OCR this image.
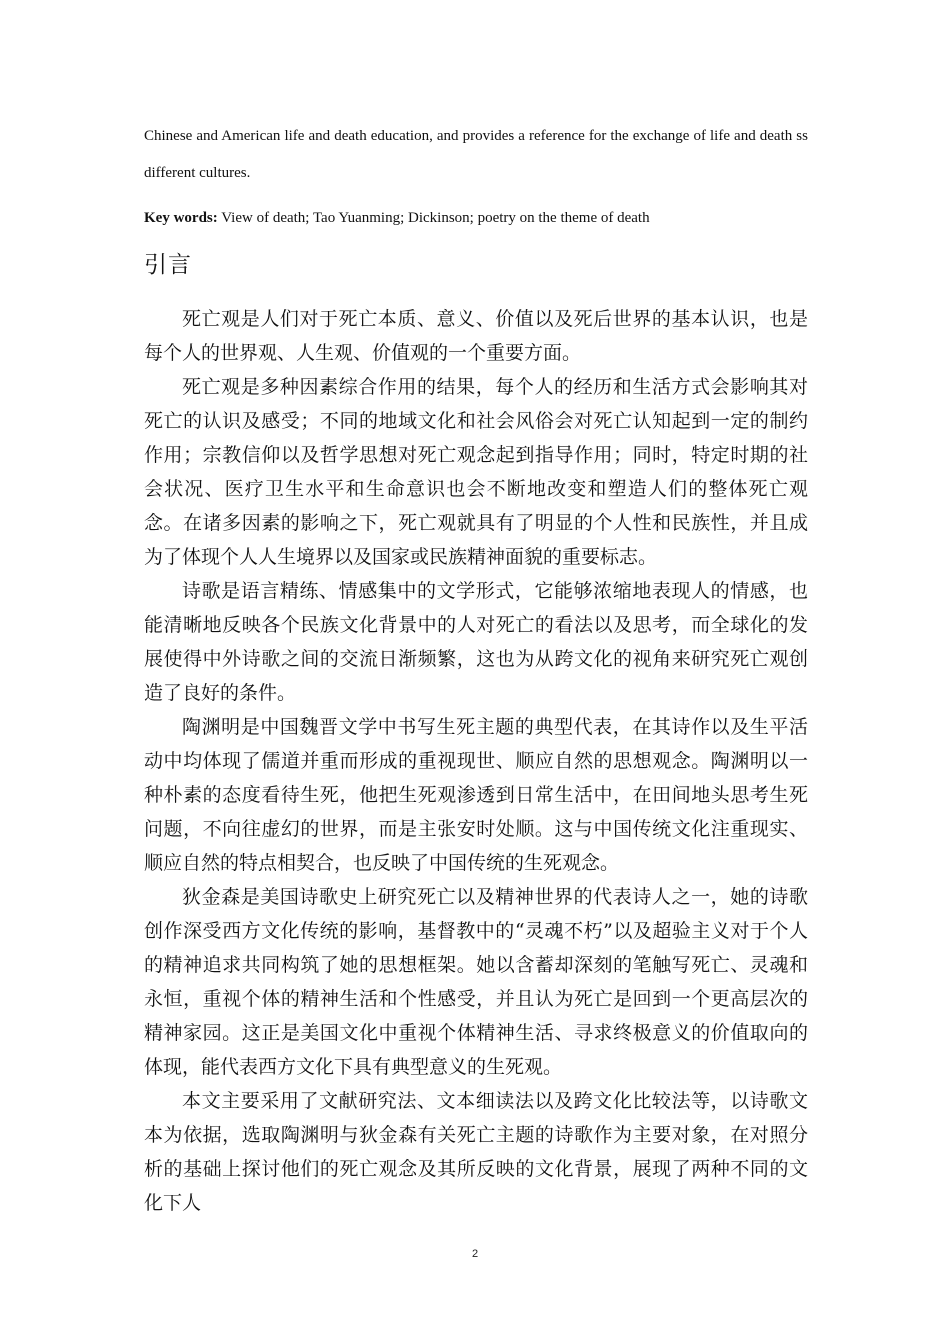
Chinese and American life and death education, and provides a reference for the exchange of life and death ss different cultures.

Key words: View of death; Tao Yuanming; Dickinson; poetry on the theme of death

引言

死亡观是人们对于死亡本质、意义、价值以及死后世界的基本认识，也是每个人的世界观、人生观、价值观的一个重要方面。

死亡观是多种因素综合作用的结果，每个人的经历和生活方式会影响其对死亡的认识及感受；不同的地域文化和社会风俗会对死亡认知起到一定的制约作用；宗教信仰以及哲学思想对死亡观念起到指导作用；同时，特定时期的社会状况、医疗卫生水平和生命意识也会不断地改变和塑造人们的整体死亡观念。在诸多因素的影响之下，死亡观就具有了明显的个人性和民族性，并且成为了体现个人人生境界以及国家或民族精神面貌的重要标志。

诗歌是语言精练、情感集中的文学形式，它能够浓缩地表现人的情感，也能清晰地反映各个民族文化背景中的人对死亡的看法以及思考，而全球化的发展使得中外诗歌之间的交流日渐频繁，这也为从跨文化的视角来研究死亡观创造了良好的条件。

陶渊明是中国魏晋文学中书写生死主题的典型代表，在其诗作以及生平活动中均体现了儒道并重而形成的重视现世、顺应自然的思想观念。陶渊明以一种朴素的态度看待生死，他把生死观渗透到日常生活中，在田间地头思考生死问题，不向往虚幻的世界，而是主张安时处顺。这与中国传统文化注重现实、顺应自然的特点相契合，也反映了中国传统的生死观念。

狄金森是美国诗歌史上研究死亡以及精神世界的代表诗人之一，她的诗歌创作深受西方文化传统的影响，基督教中的“灵魂不朽”以及超验主义对于个人的精神追求共同构筑了她的思想框架。她以含蓄却深刻的笔触写死亡、灵魂和永恒，重视个体的精神生活和个性感受，并且认为死亡是回到一个更高层次的精神家园。这正是美国文化中重视个体精神生活、寻求终极意义的价值取向的体现，能代表西方文化下具有典型意义的生死观。

本文主要采用了文献研究法、文本细读法以及跨文化比较法等，以诗歌文本为依据，选取陶渊明与狄金森有关死亡主题的诗歌作为主要对象，在对照分析的基础上探讨他们的死亡观念及其所反映的文化背景，展现了两种不同的文化下人

2
